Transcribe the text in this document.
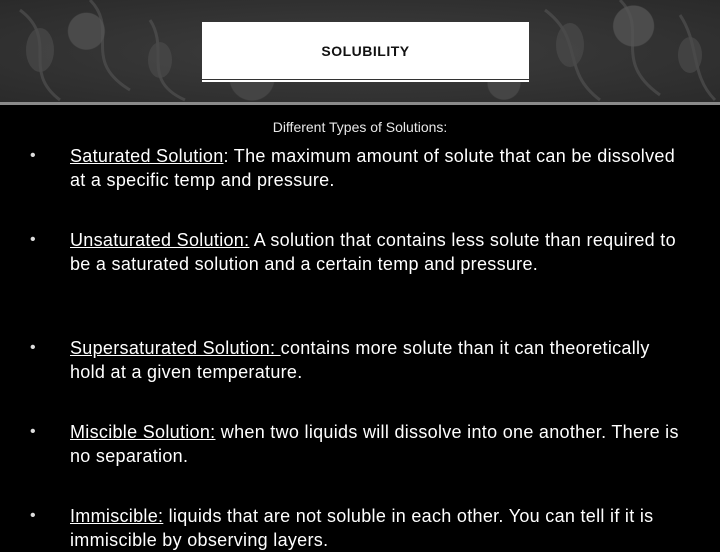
SOLUBILITY
Different Types of Solutions:
•	Saturated Solution: The maximum amount of solute that can be dissolved at a specific temp and pressure.
•	Unsaturated Solution: A solution that contains less solute than required to be a saturated solution and a certain temp and pressure.
•	Supersaturated Solution: contains more solute than it can theoretically hold at a given temperature.
•	Miscible Solution: when two liquids will dissolve into one another. There is no separation.
•	Immiscible: liquids that are not soluble in each other. You can tell if it is immiscible by observing layers.
